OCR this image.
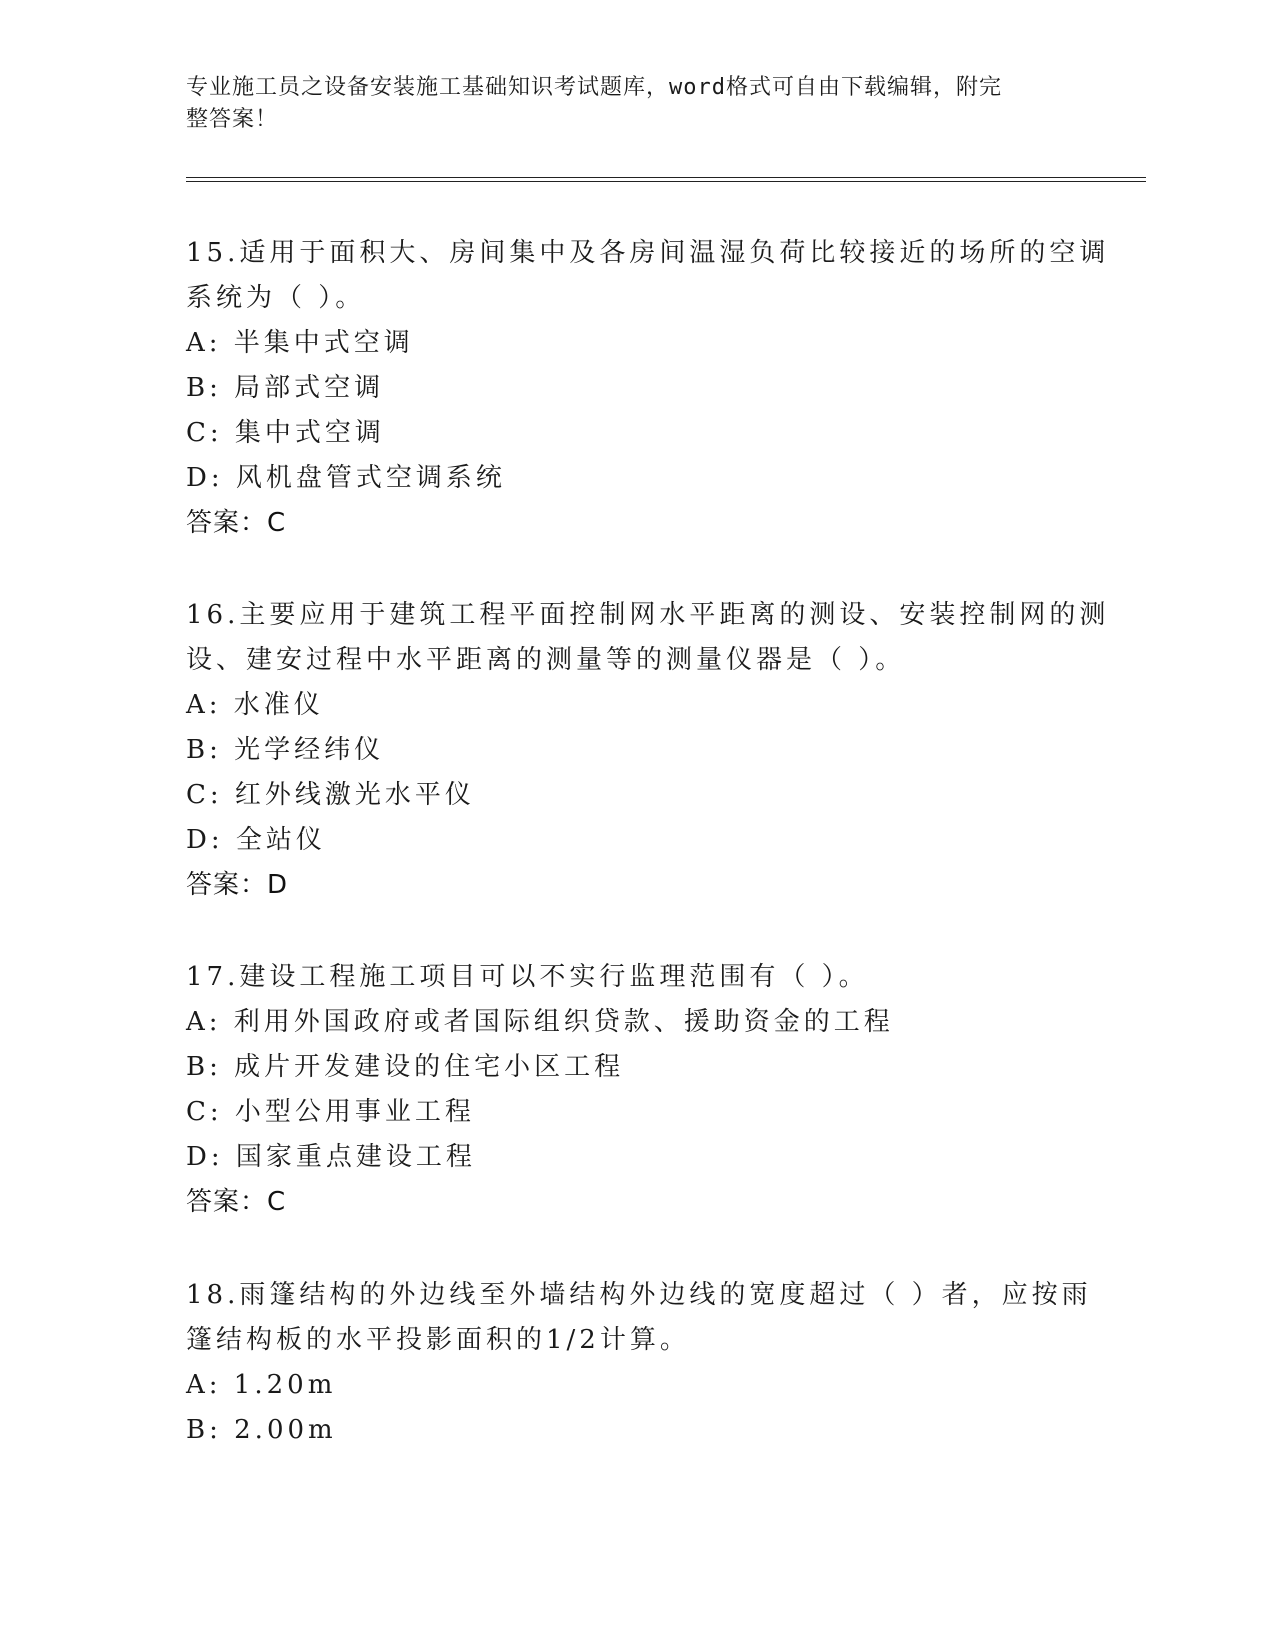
专业施工员之设备安装施工基础知识考试题库，word格式可自由下载编辑，附完
整答案！
15.适用于面积大、房间集中及各房间温湿负荷比较接近的场所的空调
系统为（ ）。
A: 半集中式空调
B: 局部式空调
C: 集中式空调
D: 风机盘管式空调系统
答案：C
16.主要应用于建筑工程平面控制网水平距离的测设、安装控制网的测
设、建安过程中水平距离的测量等的测量仪器是（ ）。
A: 水准仪
B: 光学经纬仪
C: 红外线激光水平仪
D: 全站仪
答案：D
17.建设工程施工项目可以不实行监理范围有（ ）。
A: 利用外国政府或者国际组织贷款、援助资金的工程
B: 成片开发建设的住宅小区工程
C: 小型公用事业工程
D: 国家重点建设工程
答案：C
18.雨篷结构的外边线至外墙结构外边线的宽度超过（ ）者，应按雨
篷结构板的水平投影面积的1/2计算。
A: 1.20m
B: 2.00m
